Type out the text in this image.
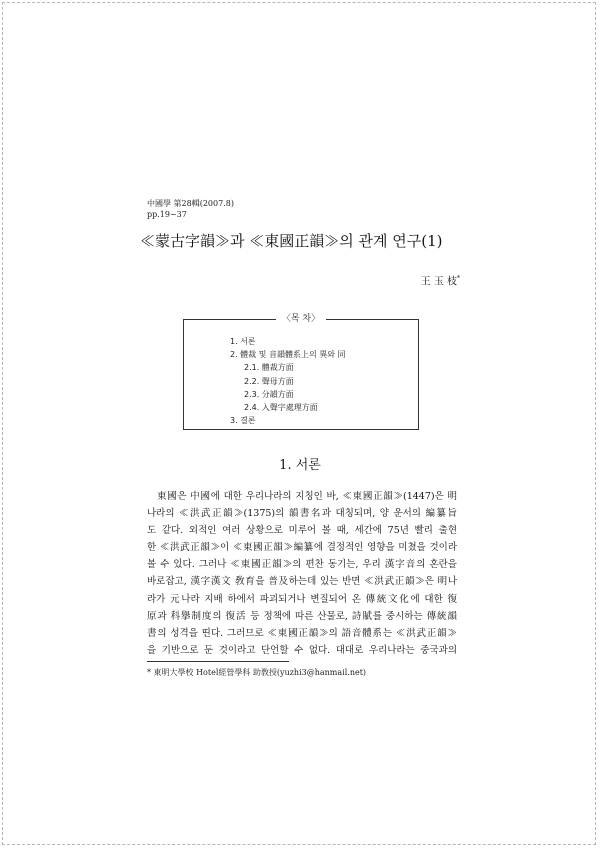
中國學 第28輯(2007.8)
pp.19~37
≪蒙古字韻≫과 ≪東國正韻≫의 관계 연구(1)
王 玉 枝*
〈목 차〉
1. 서론
2. 體裁 및 音韻體系上의 異와 同
2.1. 體裁方面
2.2. 聲母方面
2.3. 分韻方面
2.4. 入聲字處理方面
3. 결론
1. 서론
東國은 中國에 대한 우리나라의 지칭인 바, ≪東國正韻≫(1447)은 明
나라의 ≪洪武正韻≫(1375)의 韻書名과 대칭되며, 양 운서의 編纂旨
도 같다. 외적인 여러 상황으로 미루어 볼 때, 세간에 75년 빨리 출현
한 ≪洪武正韻≫이 ≪東國正韻≫編纂에 결정적인 영향을 미쳤을 것이라
볼 수 있다. 그러나 ≪東國正韻≫의 편찬 동기는, 우리 漢字音의 혼란을
바로잡고, 漢字漢文 敎育을 普及하는데 있는 반면 ≪洪武正韻≫은 明나
라가 元나라 지배 하에서 파괴되거나 변질되어 온 傳統文化에 대한 復
原과 科擧制度의 復活 등 정책에 따른 산물로, 詩賦를 중시하는 傳統韻
書의 성격을 띤다. 그러므로 ≪東國正韻≫의 語音體系는 ≪洪武正韻≫
을 기반으로 둔 것이라고 단언할 수 없다. 대대로 우리나라는 중국과의
* 東明大學校 Hotel經營學科 助敎授(yuzhi3@hanmail.net)
